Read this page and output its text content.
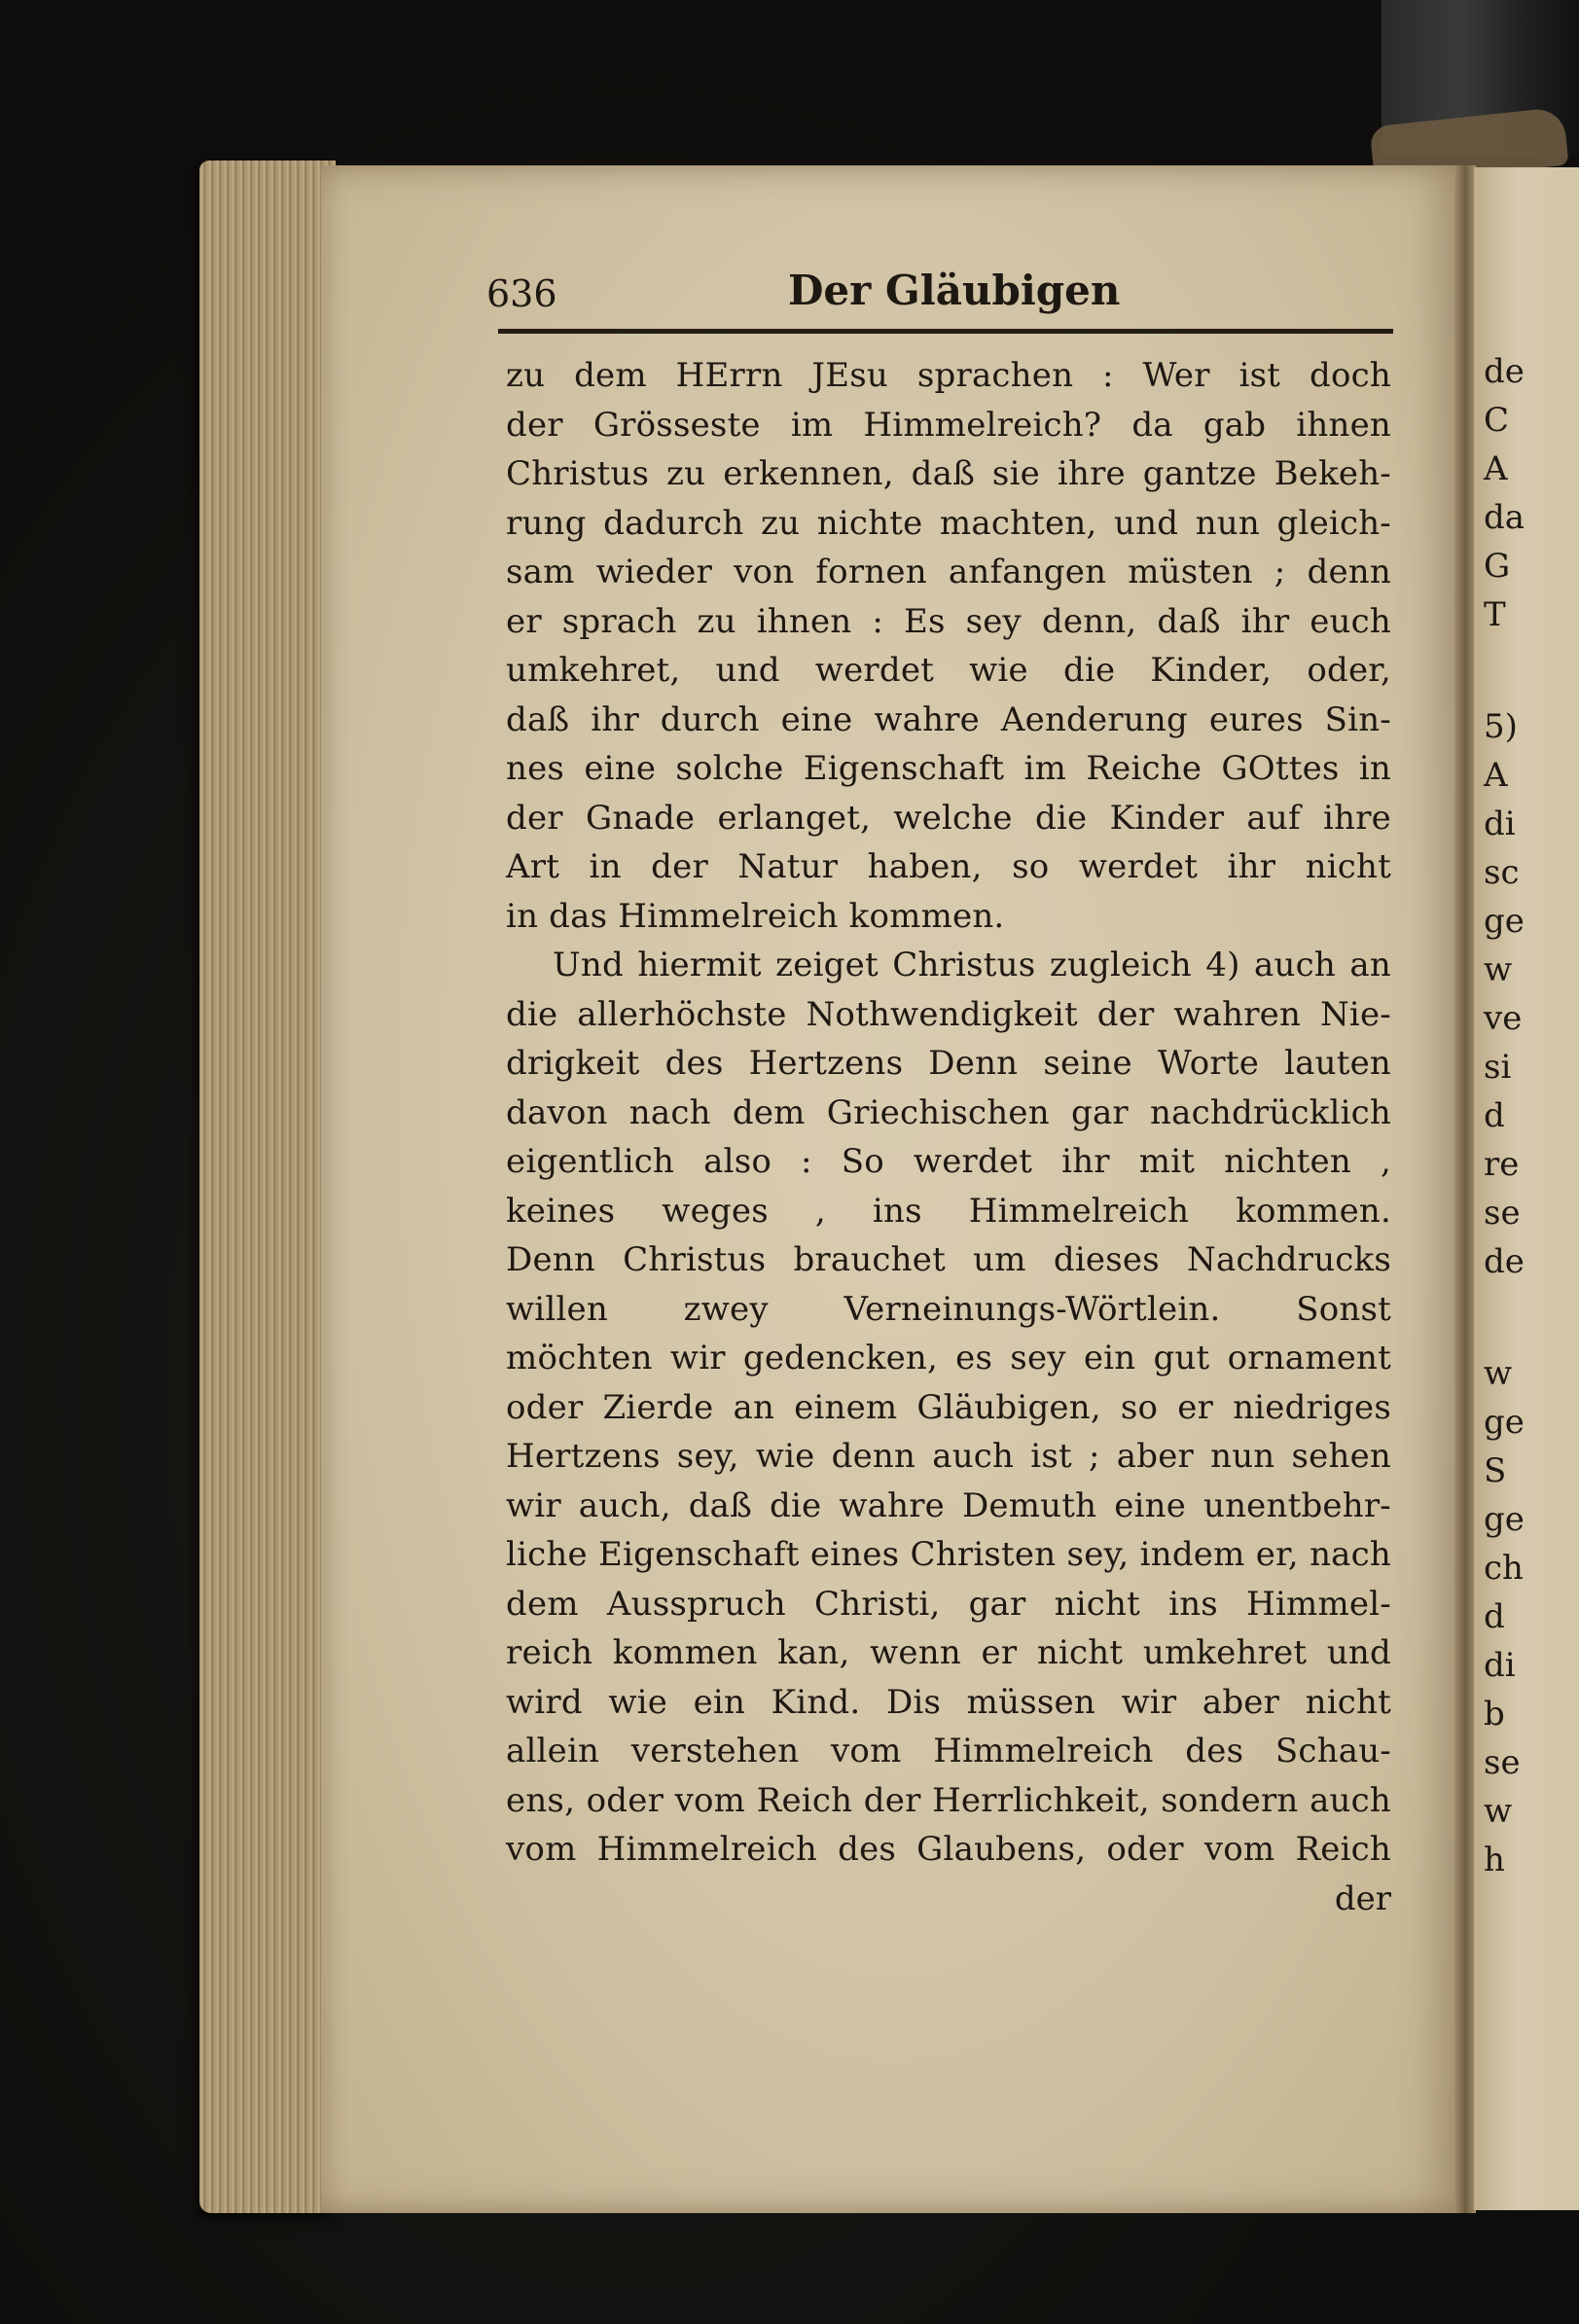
de
C
A
da
G
T
5)
A
di
sc
ge
w
ve
si
d
re
se
de
w
ge
S
ge
ch
d
di
b
se
w
h
636	Der Gläubigen
zu dem HErrn JEsu sprachen : Wer ist doch
der Grösseste im Himmelreich? da gab ihnen
Christus zu erkennen, daß sie ihre gantze Bekeh-
rung dadurch zu nichte machten, und nun gleich-
sam wieder von fornen anfangen müsten ; denn
er sprach zu ihnen : Es sey denn, daß ihr euch
umkehret, und werdet wie die Kinder, oder,
daß ihr durch eine wahre Aenderung eures Sin-
nes eine solche Eigenschaft im Reiche GOttes in
der Gnade erlanget, welche die Kinder auf ihre
Art in der Natur haben, so werdet ihr nicht
in das Himmelreich kommen.
Und hiermit zeiget Christus zugleich 4) auch an
die allerhöchste Nothwendigkeit der wahren Nie-
drigkeit des Hertzens Denn seine Worte lauten
davon nach dem Griechischen gar nachdrücklich
eigentlich also : So werdet ihr mit nichten ,
keines weges , ins Himmelreich kommen.
Denn Christus brauchet um dieses Nachdrucks
willen zwey Verneinungs-Wörtlein. Sonst
möchten wir gedencken, es sey ein gut ornament
oder Zierde an einem Gläubigen, so er niedriges
Hertzens sey, wie denn auch ist ; aber nun sehen
wir auch, daß die wahre Demuth eine unentbehr-
liche Eigenschaft eines Christen sey, indem er, nach
dem Ausspruch Christi, gar nicht ins Himmel-
reich kommen kan, wenn er nicht umkehret und
wird wie ein Kind. Dis müssen wir aber nicht
allein verstehen vom Himmelreich des Schau-
ens, oder vom Reich der Herrlichkeit, sondern auch
vom Himmelreich des Glaubens, oder vom Reich
der
